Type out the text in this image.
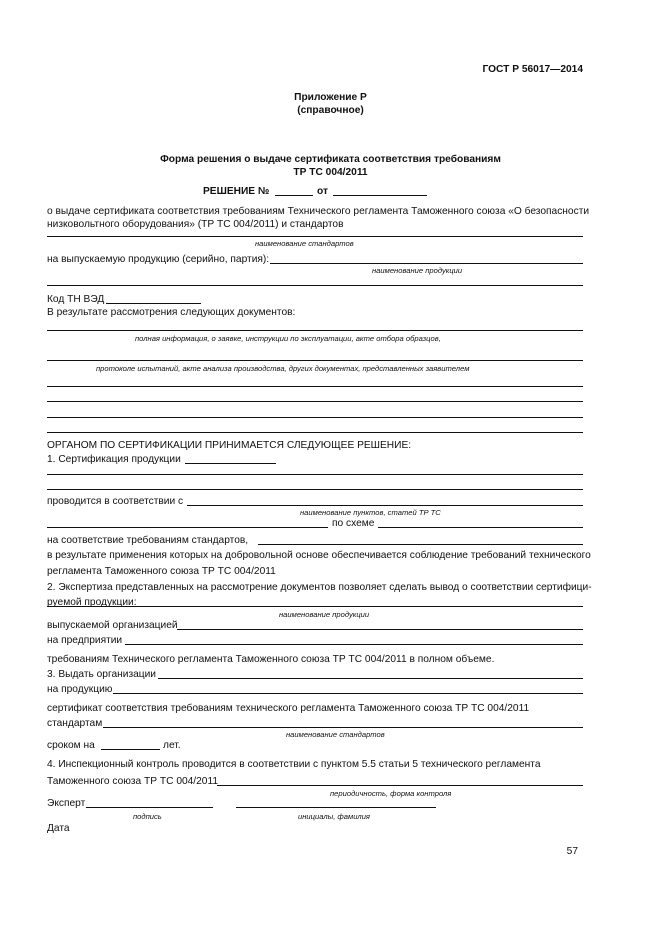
ГОСТ Р 56017—2014
Приложение Р
(справочное)
Форма решения о выдаче сертификата соответствия требованиям
ТР ТС 004/2011
РЕШЕНИЕ №	от
о выдаче сертификата соответствия требованиям Технического регламента Таможенного союза «О безопасности
низковольтного оборудования» (ТР ТС 004/2011) и стандартов
наименование стандартов
на выпускаемую продукцию (серийно, партия):
наименование продукции
Код ТН ВЭД
В результате рассмотрения следующих документов:
полная информация, о заявке, инструкции по эксплуатации, акте отбора образцов,
протоколе испытаний, акте анализа производства, других документах, представленных заявителем
ОРГАНОМ ПО СЕРТИФИКАЦИИ ПРИНИМАЕТСЯ СЛЕДУЮЩЕЕ РЕШЕНИЕ:
1. Сертификация продукции
проводится в соответствии с
наименование пунктов, статей ТР ТС
по схеме
на соответствие требованиям стандартов,
в результате применения которых на добровольной основе обеспечивается соблюдение требований технического
регламента Таможенного союза ТР ТС 004/2011
2. Экспертиза представленных на рассмотрение документов позволяет сделать вывод о соответствии сертифици-
руемой продукции:
наименование продукции
выпускаемой организацией
на предприятии
требованиям Технического регламента Таможенного союза ТР ТС 004/2011 в полном объеме.
3. Выдать организации
на продукцию
сертификат соответствия требованиям технического регламента Таможенного союза ТР ТС 004/2011
стандартам
наименование стандартов
сроком на	лет.
4. Инспекционный контроль проводится в соответствии с пунктом 5.5 статьи 5 технического регламента
Таможенного союза ТР ТС 004/2011
периодичность, форма контроля
Эксперт
подпись	инициалы, фамилия
Дата
57
